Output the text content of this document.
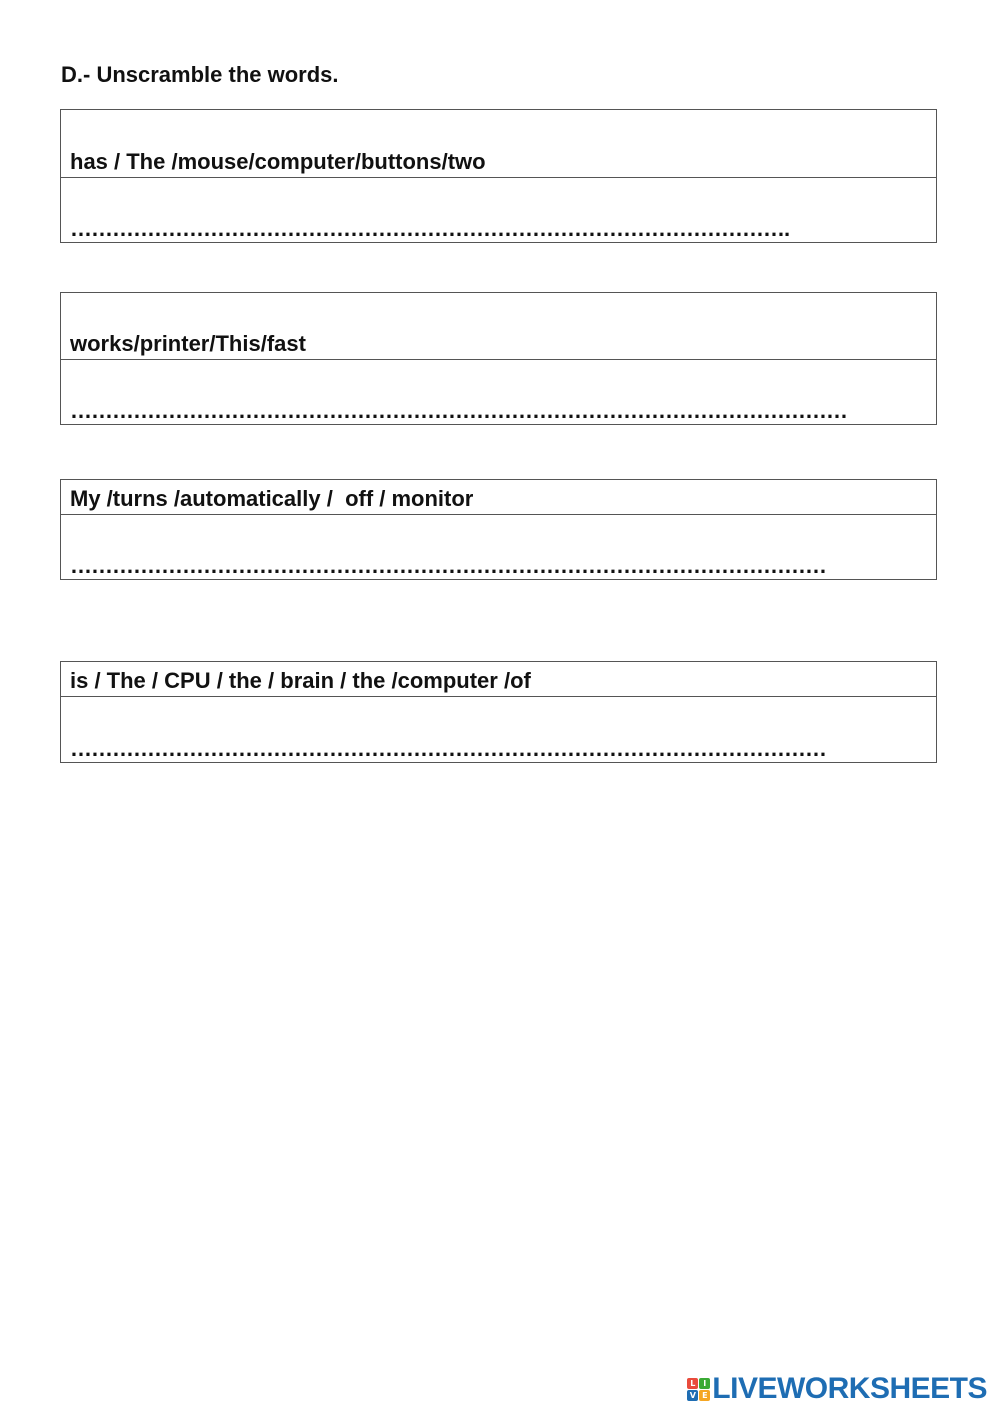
D.- Unscramble the words.
has / The /mouse/computer/buttons/two
………………………………………………………………………………………….
works/printer/This/fast
…………………………………………………………………………………………………
My /turns /automatically /  off / monitor
………………………………………………………………………………………………
is / The / CPU / the / brain / the /computer /of
………………………………………………………………………………………………
L I
V E LIVEWORKSHEETS
